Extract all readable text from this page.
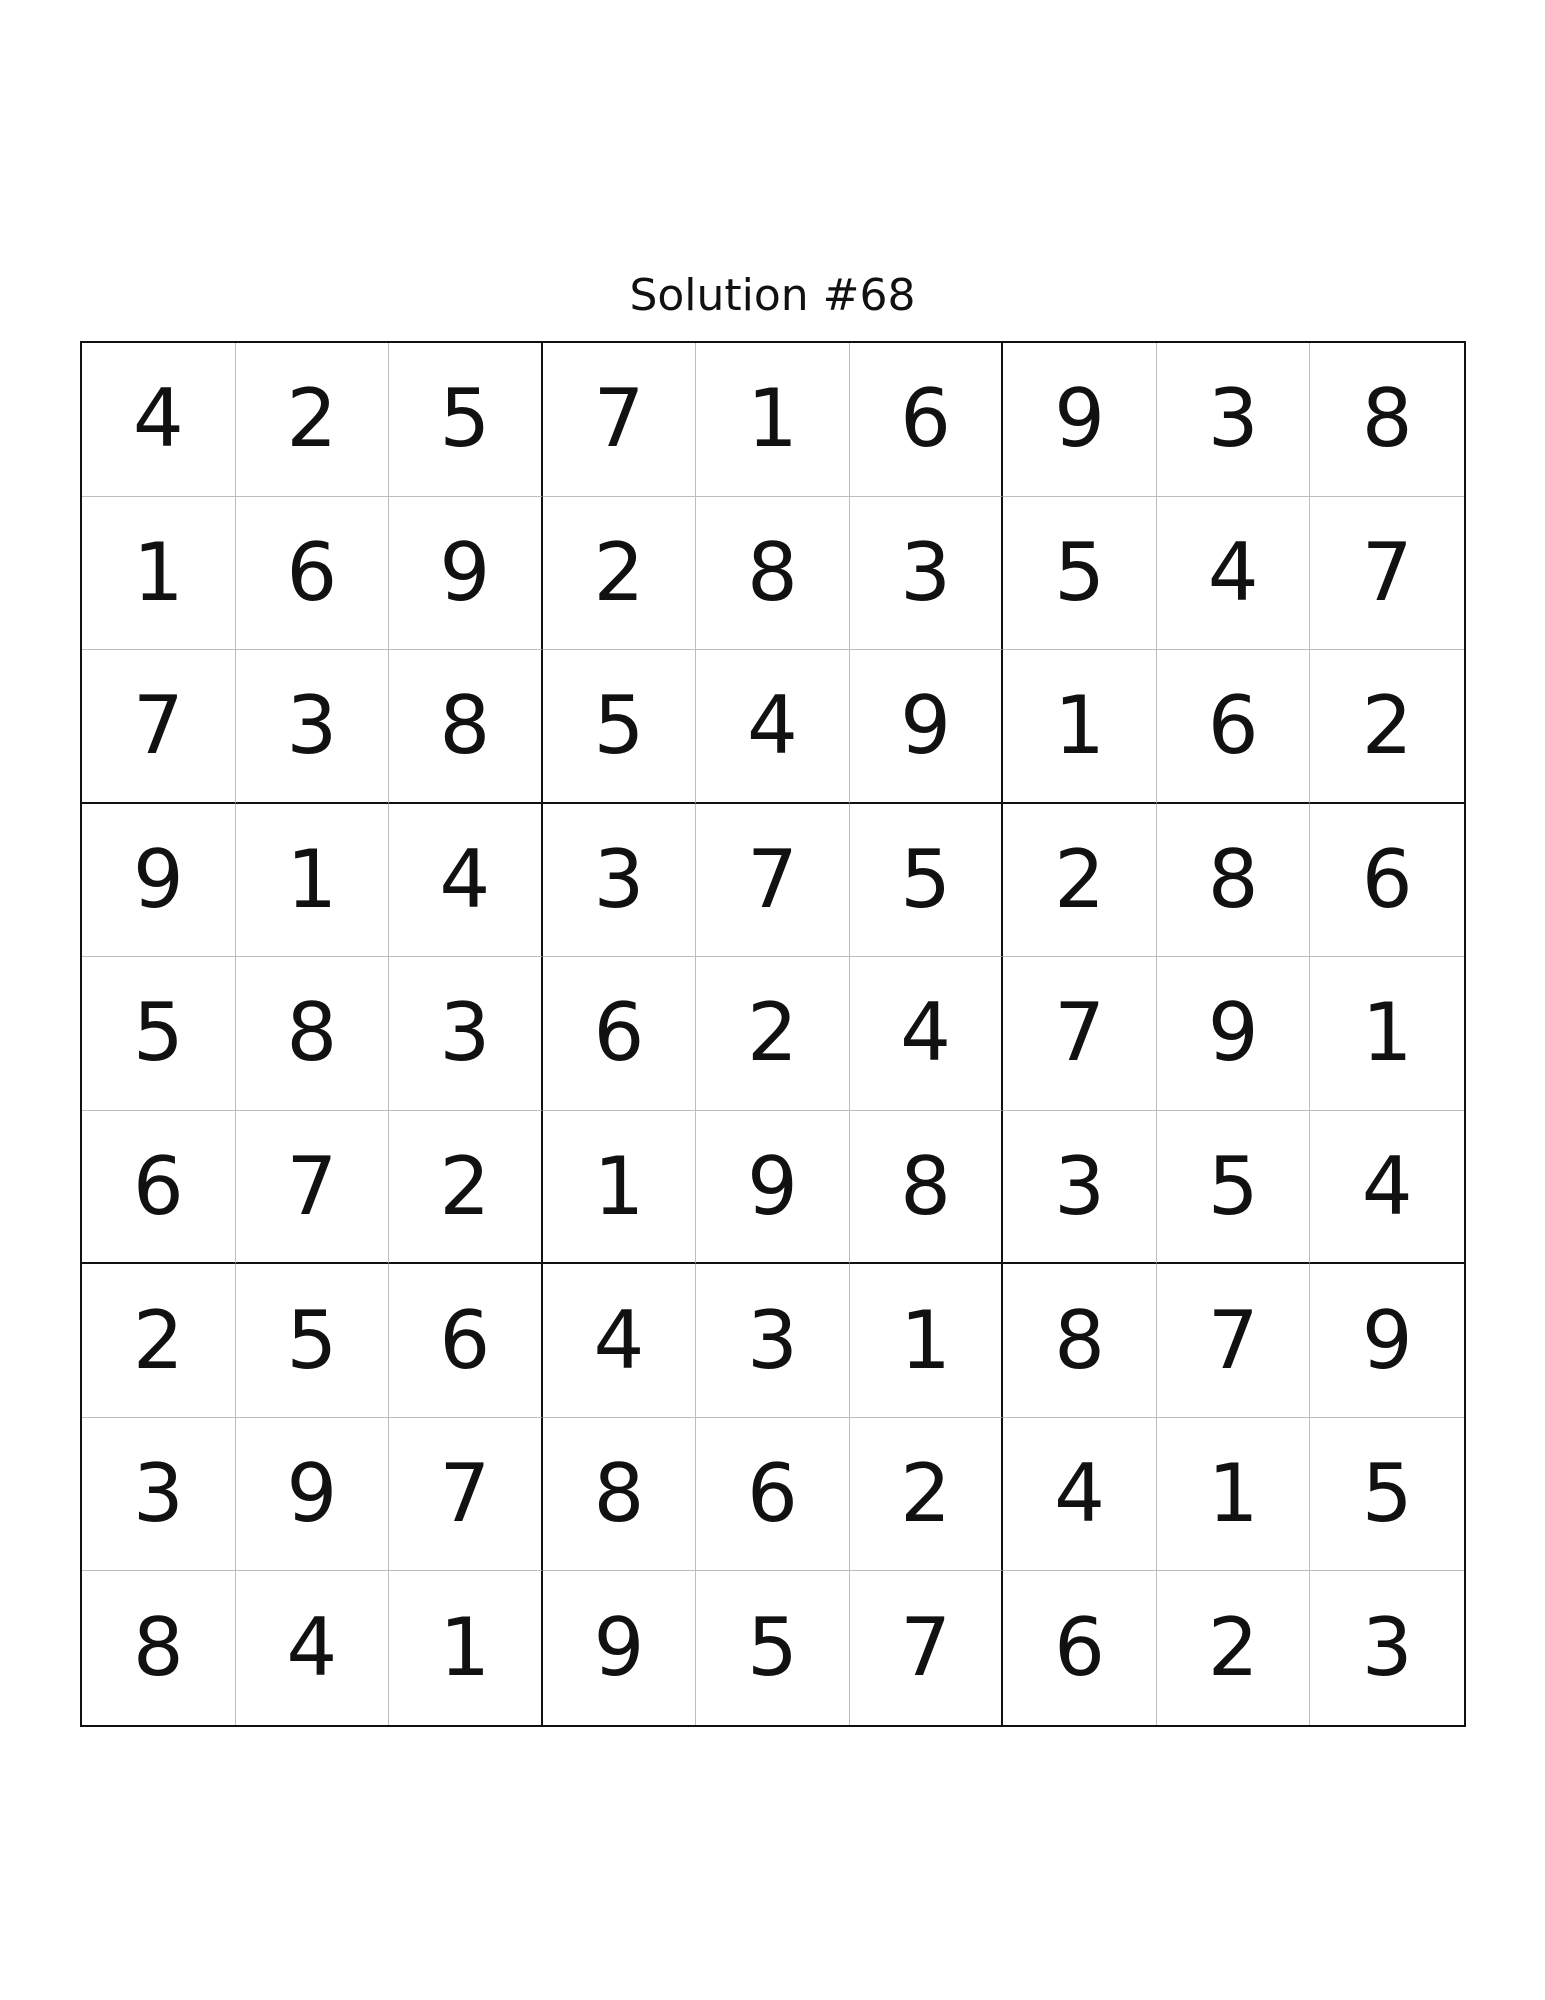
Solution #68
4	2	5	7	1	6	9	3	8
1	6	9	2	8	3	5	4	7
7	3	8	5	4	9	1	6	2
9	1	4	3	7	5	2	8	6
5	8	3	6	2	4	7	9	1
6	7	2	1	9	8	3	5	4
2	5	6	4	3	1	8	7	9
3	9	7	8	6	2	4	1	5
8	4	1	9	5	7	6	2	3
